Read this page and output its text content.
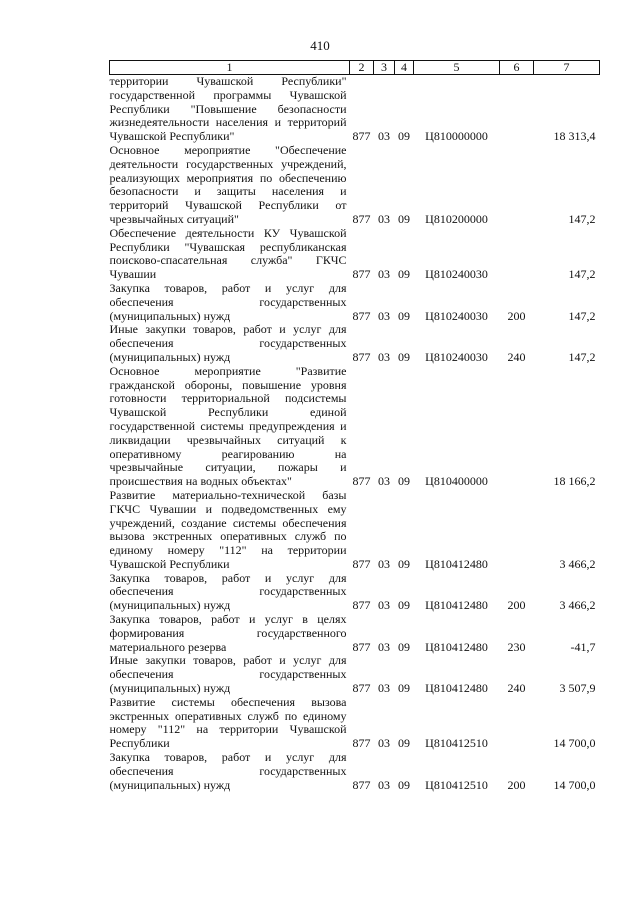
410
1	2	3	4	5	6	7
территории Чувашской Республики" государственной программы Чувашской Республики "Повышение безопасности жизнедеятельности населения и территорий Чувашской Республики"	877	03	09	Ц810000000		18 313,4
Основное мероприятие "Обеспечение деятельности государственных учреждений, реализующих мероприятия по обеспечению безопасности и защиты населения и территорий Чувашской Республики от чрезвычайных ситуаций"	877	03	09	Ц810200000		147,2
Обеспечение деятельности КУ Чувашской Республики "Чувашская республиканская поисково-спасательная служба" ГКЧС Чувашии	877	03	09	Ц810240030		147,2
Закупка товаров, работ и услуг для обеспечения государственных (муниципальных) нужд	877	03	09	Ц810240030	200	147,2
Иные закупки товаров, работ и услуг для обеспечения государственных (муниципальных) нужд	877	03	09	Ц810240030	240	147,2
Основное мероприятие "Развитие гражданской обороны, повышение уровня готовности территориальной подсистемы Чувашской Республики единой государственной системы предупреждения и ликвидации чрезвычайных ситуаций к оперативному реагированию на чрезвычайные ситуации, пожары и происшествия на водных объектах"	877	03	09	Ц810400000		18 166,2
Развитие материально-технической базы ГКЧС Чувашии и подведомственных ему учреждений, создание системы обеспечения вызова экстренных оперативных служб по единому номеру "112" на территории Чувашской Республики	877	03	09	Ц810412480		3 466,2
Закупка товаров, работ и услуг для обеспечения государственных (муниципальных) нужд	877	03	09	Ц810412480	200	3 466,2
Закупка товаров, работ и услуг в целях формирования государственного материального резерва	877	03	09	Ц810412480	230	-41,7
Иные закупки товаров, работ и услуг для обеспечения государственных (муниципальных) нужд	877	03	09	Ц810412480	240	3 507,9
Развитие системы обеспечения вызова экстренных оперативных служб по единому номеру "112" на территории Чувашской Республики	877	03	09	Ц810412510		14 700,0
Закупка товаров, работ и услуг для обеспечения государственных (муниципальных) нужд	877	03	09	Ц810412510	200	14 700,0
